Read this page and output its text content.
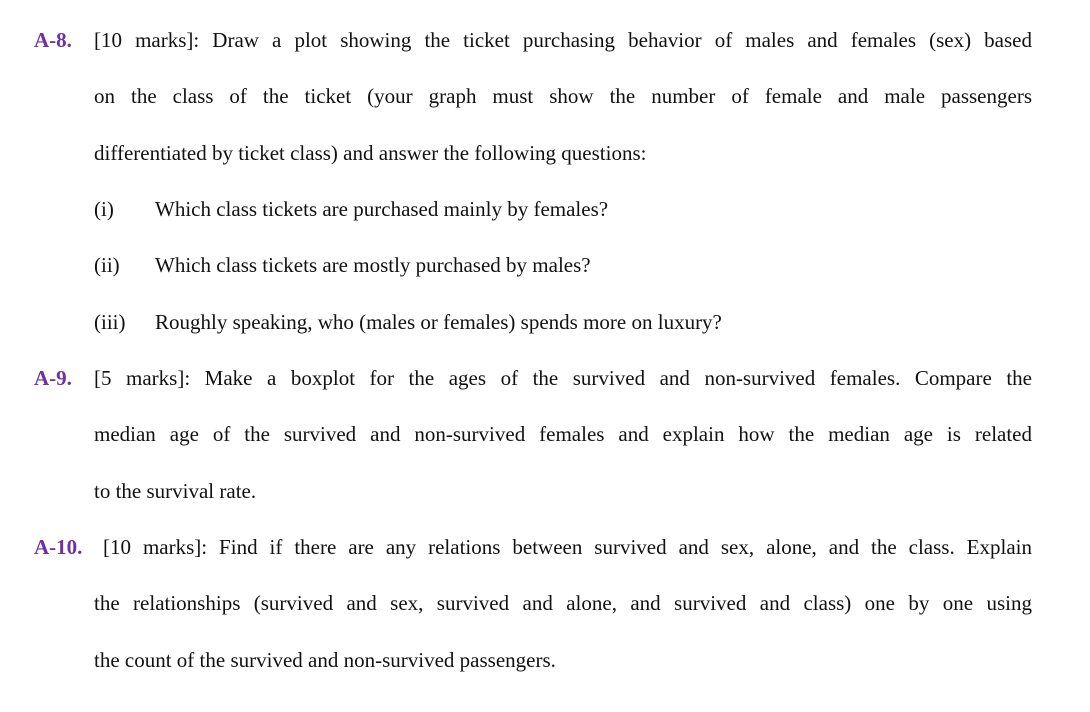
A-8. [10 marks]: Draw a plot showing the ticket purchasing behavior of males and females (sex) based
on the class of the ticket (your graph must show the number of female and male passengers
differentiated by ticket class) and answer the following questions:
(i) Which class tickets are purchased mainly by females?
(ii) Which class tickets are mostly purchased by males?
(iii) Roughly speaking, who (males or females) spends more on luxury?
A-9. [5 marks]: Make a boxplot for the ages of the survived and non-survived females. Compare the
median age of the survived and non-survived females and explain how the median age is related
to the survival rate.
A-10. [10 marks]: Find if there are any relations between survived and sex, alone, and the class. Explain
the relationships (survived and sex, survived and alone, and survived and class) one by one using
the count of the survived and non-survived passengers.
